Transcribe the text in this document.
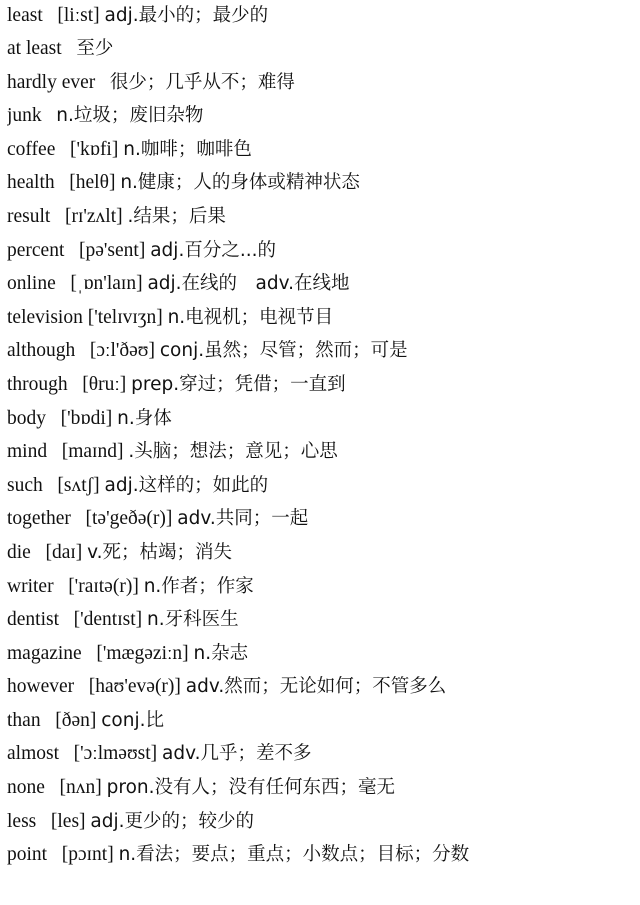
least [liːst] adj.最小的；最少的
at least 至少
hardly ever 很少；几乎从不；难得
junk n.垃圾；废旧杂物
coffee ['kɒfi] n.咖啡；咖啡色
health [helθ] n.健康；人的身体或精神状态
result [rɪ'zʌlt] .结果；后果
percent [pə'sent] adj.百分之...的
online [ˌɒn'laɪn] adj.在线的　adv.在线地
television ['telɪvɪʒn] n.电视机；电视节目
although [ɔːl'ðəʊ] conj.虽然；尽管；然而；可是
through [θruː] prep.穿过；凭借；一直到
body ['bɒdi] n.身体
mind [maɪnd] .头脑；想法；意见；心思
such [sʌtʃ] adj.这样的；如此的
together [tə'geðə(r)] adv.共同；一起
die [daɪ] v.死；枯竭；消失
writer ['raɪtə(r)] n.作者；作家
dentist ['dentɪst] n.牙科医生
magazine ['mægəziːn] n.杂志
however [haʊ'evə(r)] adv.然而；无论如何；不管多么
than [ðən] conj.比
almost ['ɔːlməʊst] adv.几乎；差不多
none [nʌn] pron.没有人；没有任何东西；毫无
less [les] adj.更少的；较少的
point [pɔɪnt] n.看法；要点；重点；小数点；目标；分数
